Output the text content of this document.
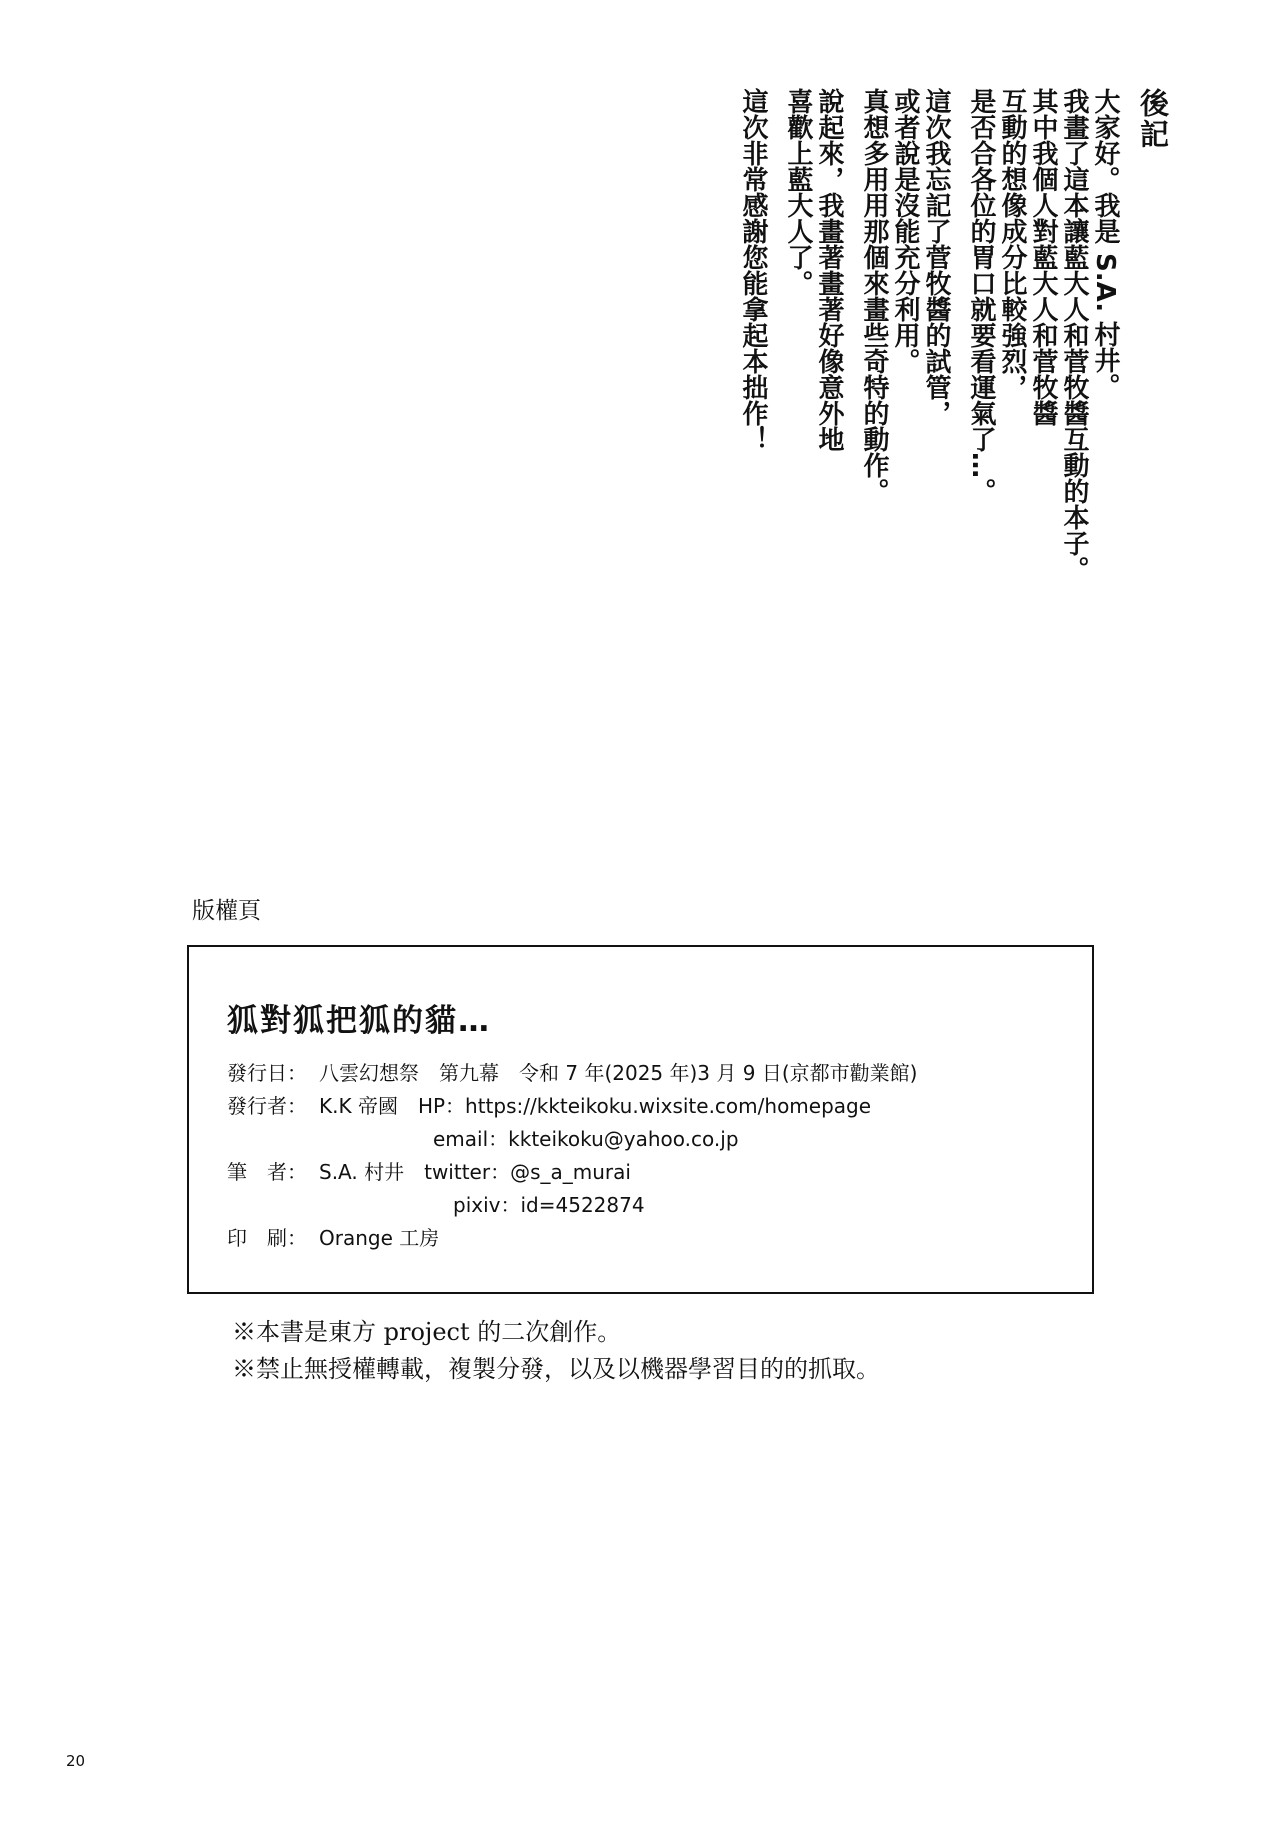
後記

大家好。我是 S.A. 村井。
我畫了這本讓藍大人和菅牧醬互動的本子。
其中我個人對藍大人和菅牧醬
互動的想像成分比較強烈，
是否合各位的胃口就要看運氣了…。

這次我忘記了菅牧醬的試管，
或者說是沒能充分利用。
真想多用用那個來畫些奇特的動作。

說起來，我畫著畫著好像意外地
喜歡上藍大人了。

這次非常感謝您能拿起本拙作！

版權頁
狐對狐把狐的貓…
發行日： 八雲幻想祭　第九幕　令和 7 年(2025 年)3 月 9 日(京都市勸業館)
發行者： K.K 帝國　HP：https://kkteikoku.wixsite.com/homepage
email：kkteikoku@yahoo.co.jp
筆　者： S.A. 村井　twitter：@s_a_murai
pixiv：id=4522874
印　刷： Orange 工房
※本書是東方 project 的二次創作。
※禁止無授權轉載，複製分發，以及以機器學習目的的抓取。
20
